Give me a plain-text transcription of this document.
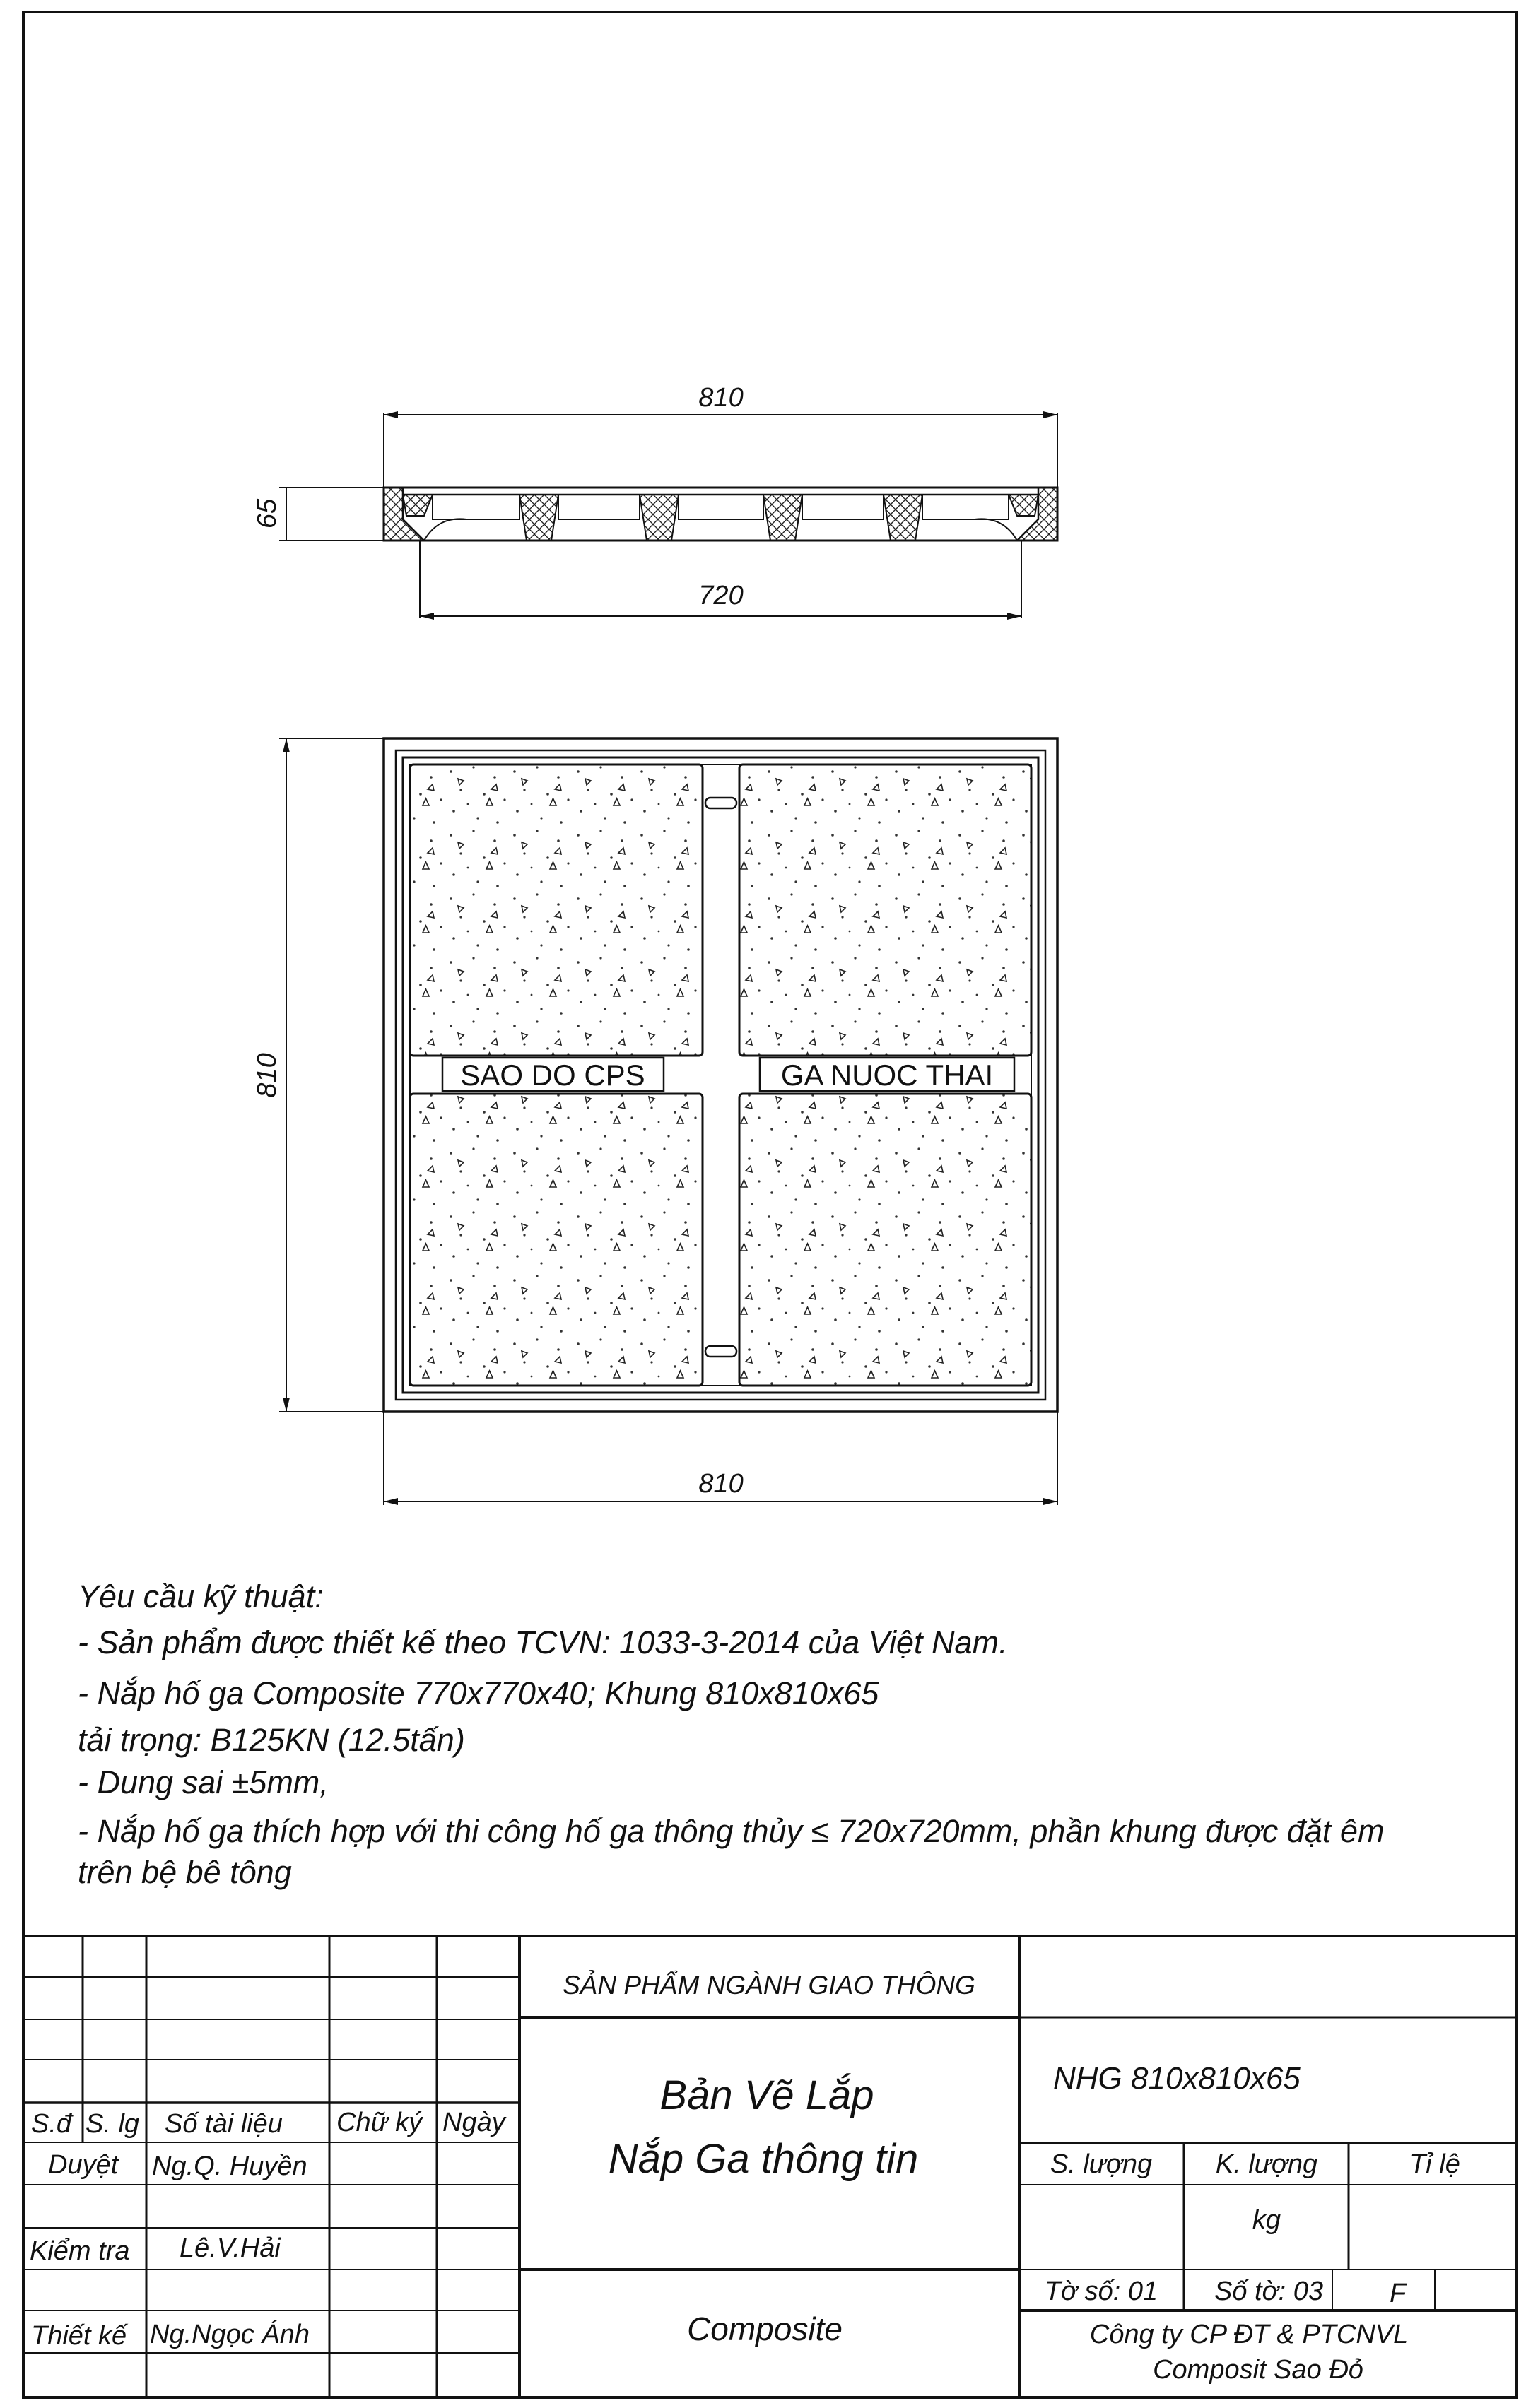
810
65
720
810
810
SAO DO CPS	GA NUOC THAI
S.đ S. lg Số tài liệu Chữ ký Ngày
Duyệt Ng.Q. Huyền
Kiểm tra Lê.V.Hải
Thiết kế Ng.Ngọc Ánh
SẢN PHẨM NGÀNH GIAO THÔNG
Bản Vẽ Lắp
Nắp Ga thông tin
Composite
NHG 810x810x65
S. lượng K. lượng	Tỉ lệ
kg
Tờ số: 01 Số tờ: 03 F
Công ty CP ĐT & PTCNVL
Composit Sao Đỏ
Yêu cầu kỹ thuật:
- Sản phẩm được thiết kế theo TCVN: 1033-3-2014 của Việt Nam.
- Nắp hố ga Composite 770x770x40; Khung 810x810x65
tải trọng: B125KN (12.5tấn)
- Dung sai ±5mm,
- Nắp hố ga thích hợp với thi công hố ga thông thủy ≤ 720x720mm, phần khung được đặt êm
trên bệ bê tông
